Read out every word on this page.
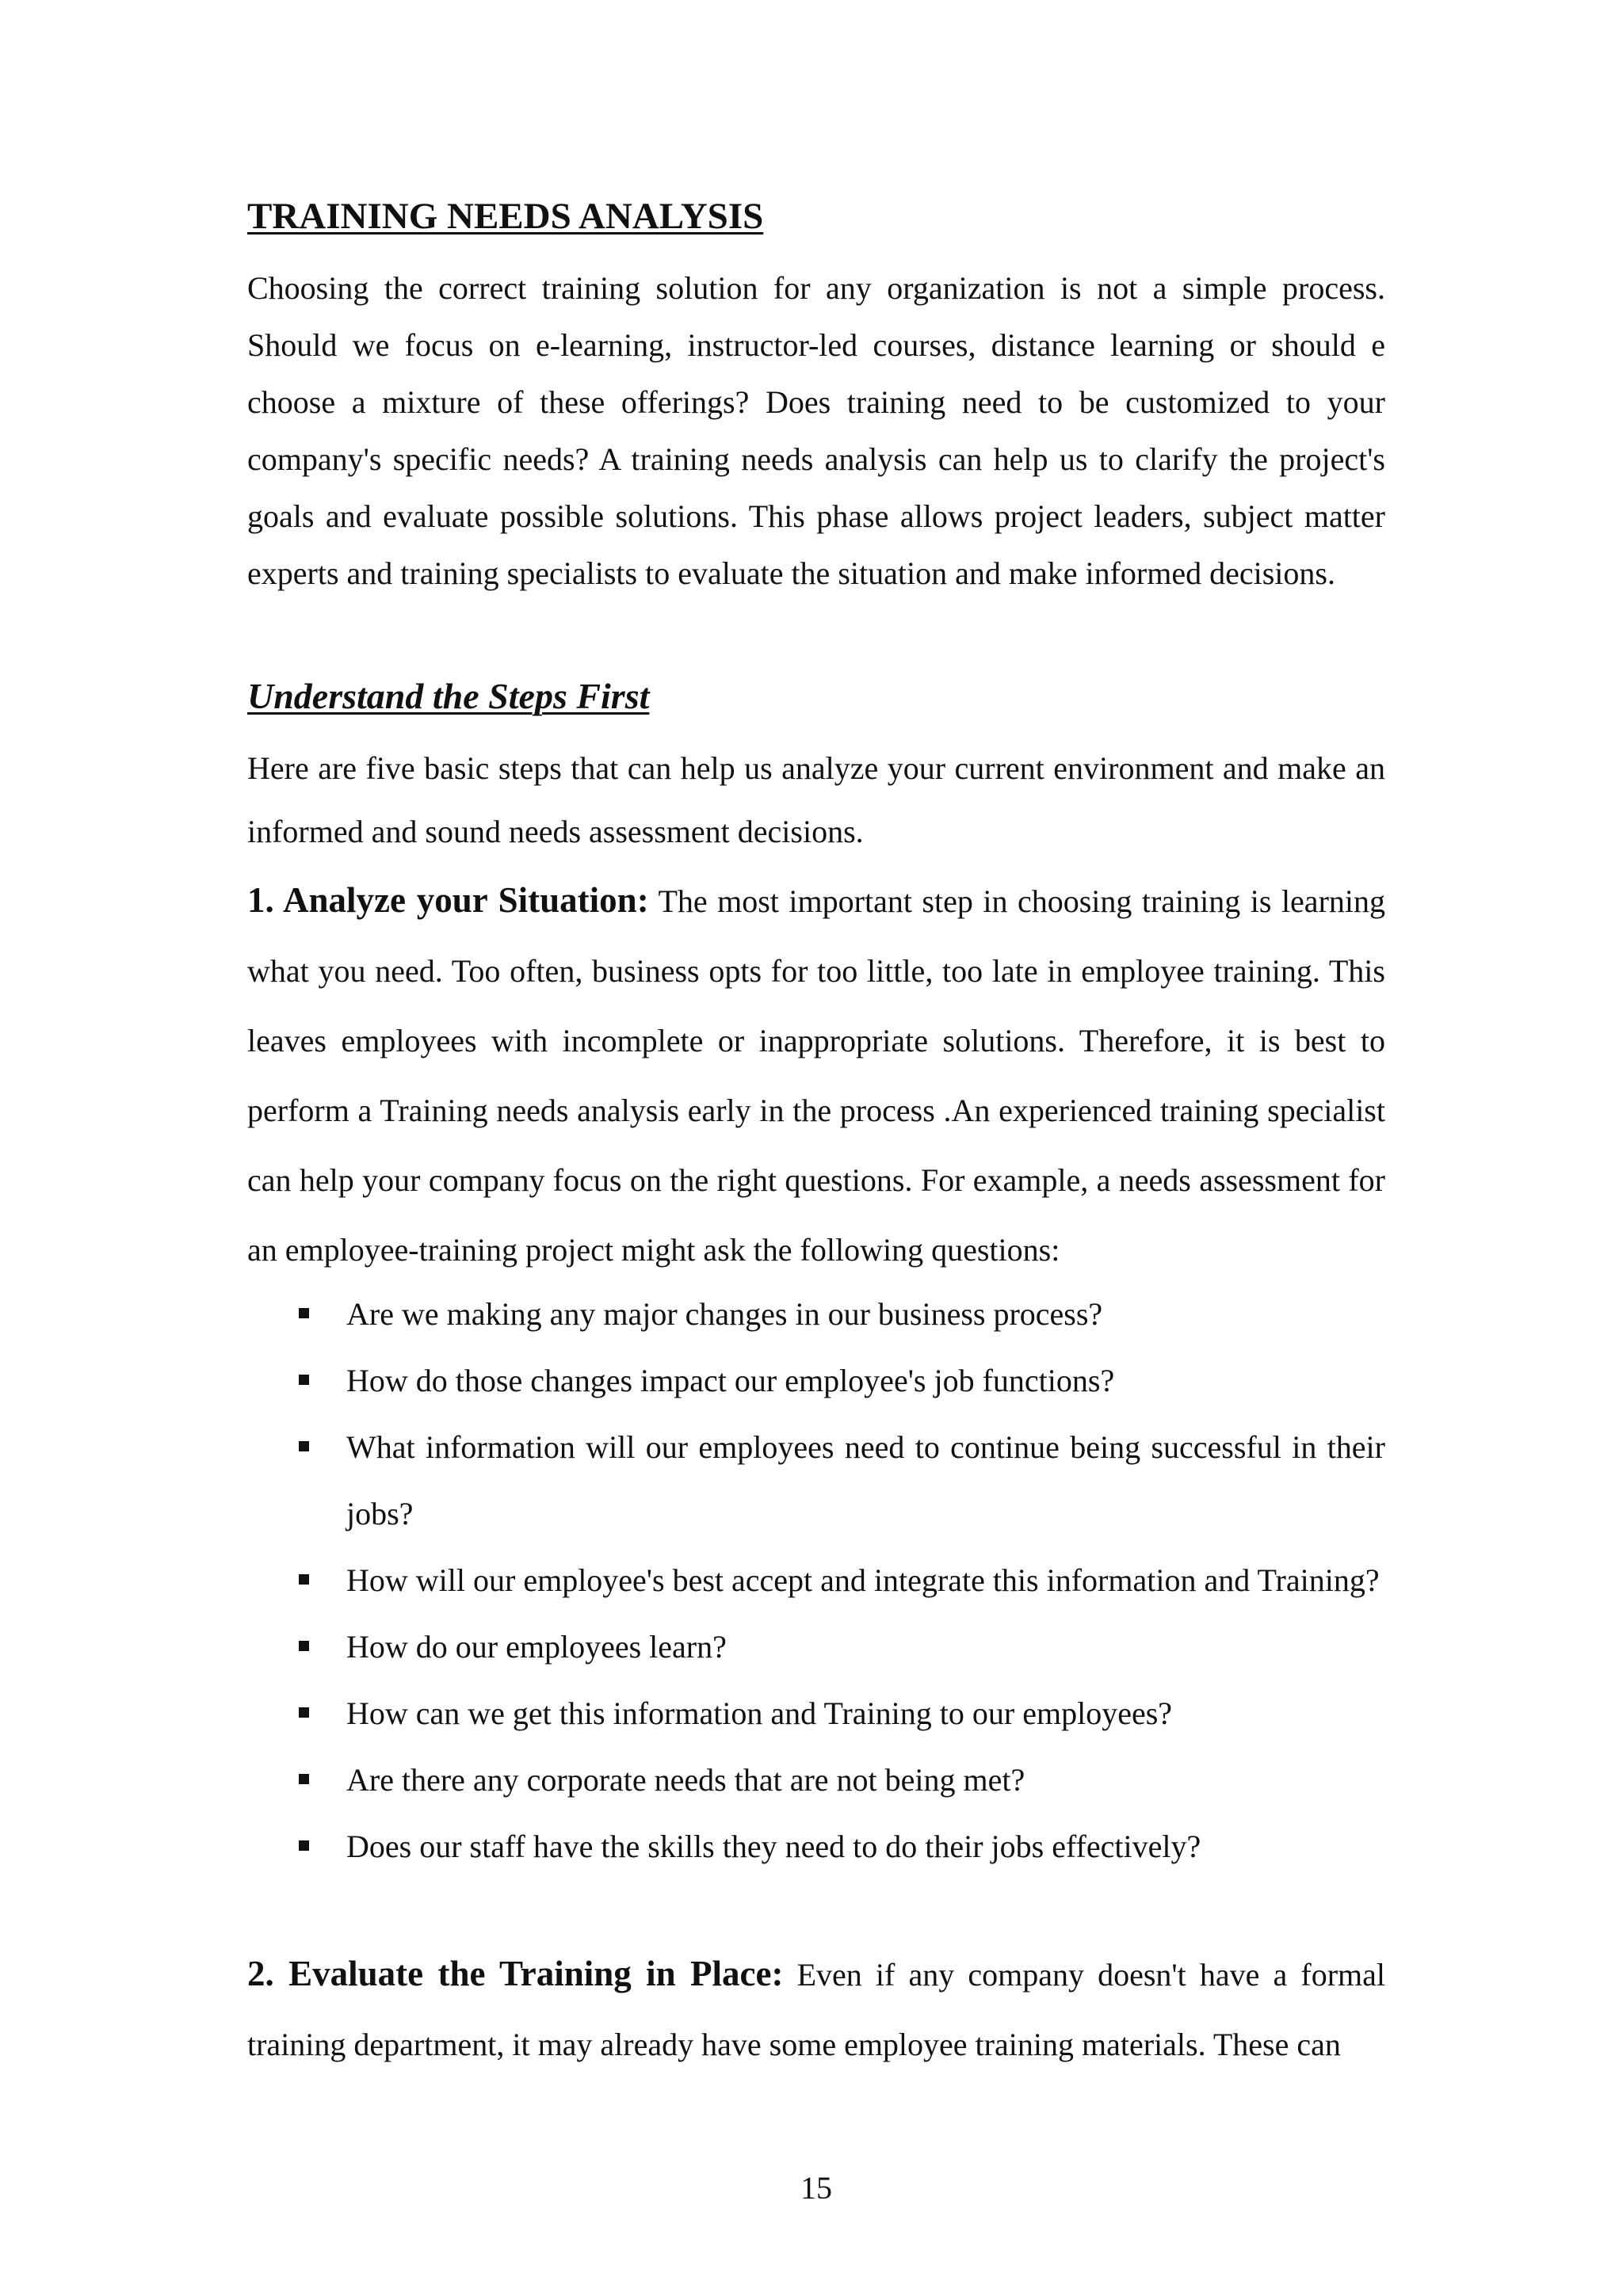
TRAINING NEEDS ANALYSIS

Choosing the correct training solution for any organization is not a simple process. Should we focus on e-learning, instructor-led courses, distance learning or should e choose a mixture of these offerings? Does training need to be customized to your company's specific needs? A training needs analysis can help us to clarify the project's goals and evaluate possible solutions. This phase allows project leaders, subject matter experts and training specialists to evaluate the situation and make informed decisions.

Understand the Steps First

Here are five basic steps that can help us analyze your current environment and make an informed and sound needs assessment decisions.

1. Analyze your Situation: The most important step in choosing training is learning what you need. Too often, business opts for too little, too late in employee training. This leaves employees with incomplete or inappropriate solutions. Therefore, it is best to perform a Training needs analysis early in the process .An experienced training specialist can help your company focus on the right questions. For example, a needs assessment for an employee-training project might ask the following questions:

Are we making any major changes in our business process?
How do those changes impact our employee's job functions?
What information will our employees need to continue being successful in their jobs?
How will our employee's best accept and integrate this information and Training?
How do our employees learn?
How can we get this information and Training to our employees?
Are there any corporate needs that are not being met?
Does our staff have the skills they need to do their jobs effectively?

2. Evaluate the Training in Place: Even if any company doesn't have a formal training department, it may already have some employee training materials. These can

15
